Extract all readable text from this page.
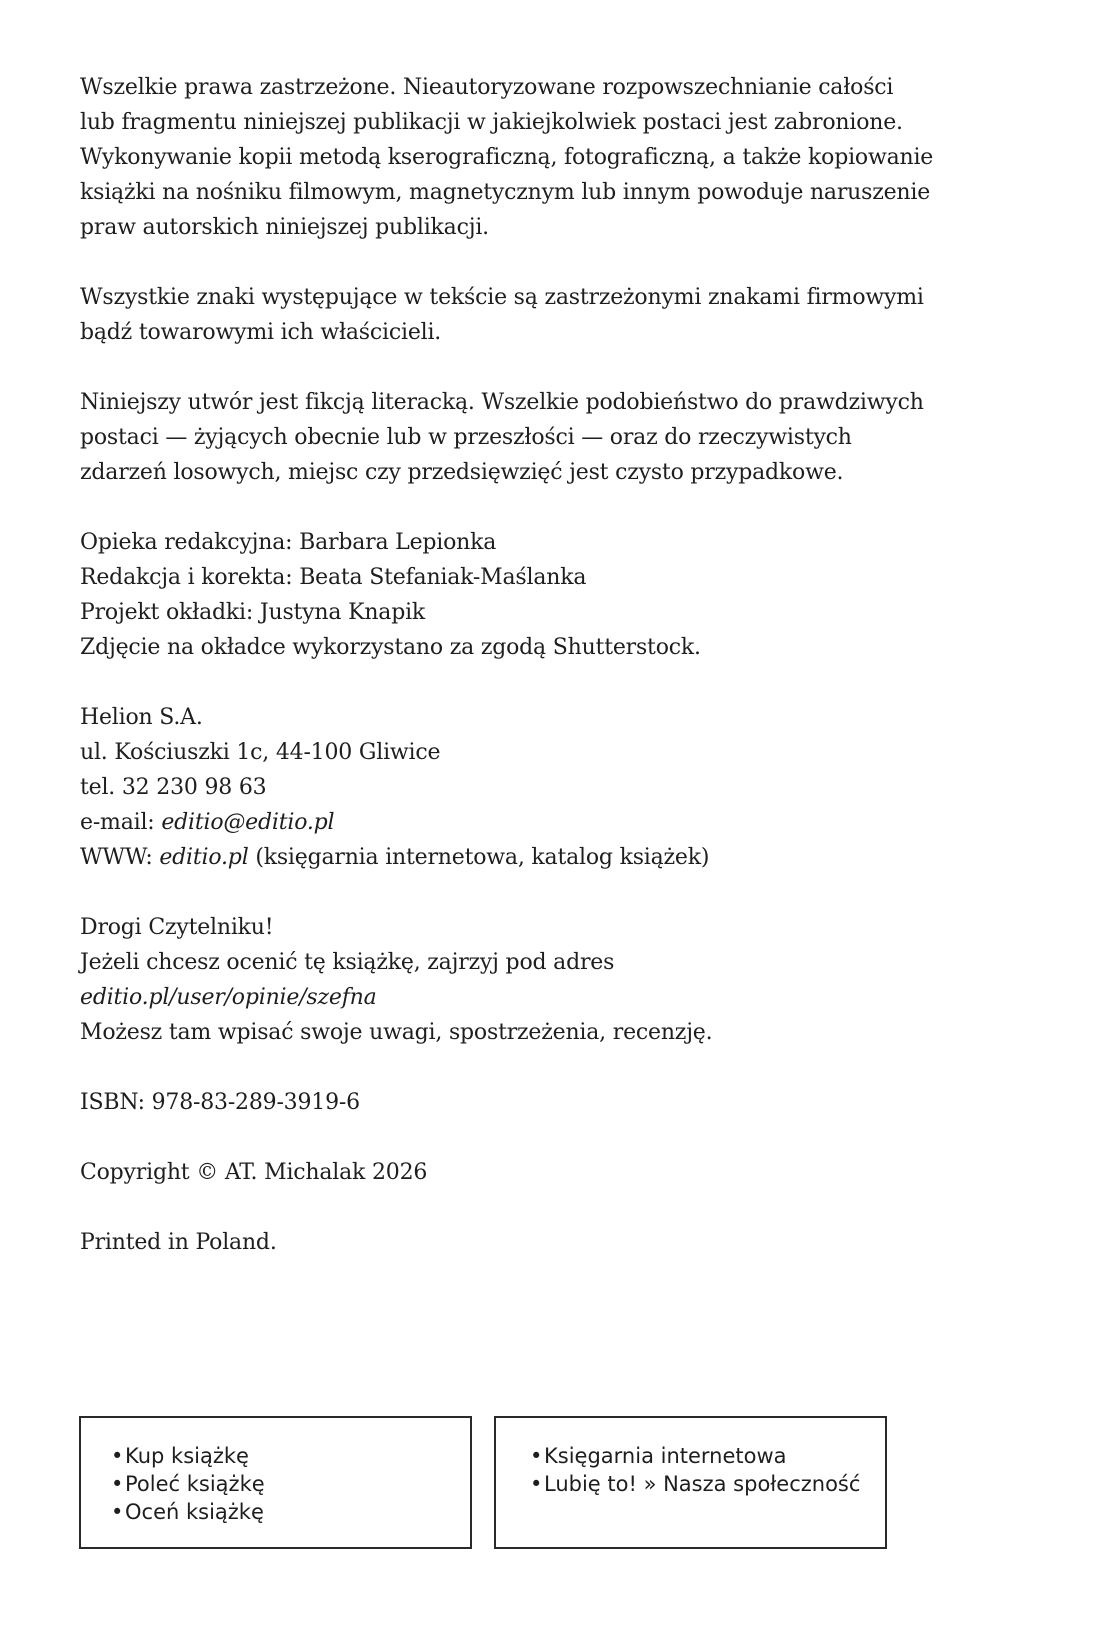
Wszelkie prawa zastrzeżone. Nieautoryzowane rozpowszechnianie całości
lub fragmentu niniejszej publikacji w jakiejkolwiek postaci jest zabronione.
Wykonywanie kopii metodą kserograficzną, fotograficzną, a także kopiowanie
książki na nośniku filmowym, magnetycznym lub innym powoduje naruszenie
praw autorskich niniejszej publikacji.

Wszystkie znaki występujące w tekście są zastrzeżonymi znakami firmowymi
bądź towarowymi ich właścicieli.

Niniejszy utwór jest fikcją literacką. Wszelkie podobieństwo do prawdziwych
postaci — żyjących obecnie lub w przeszłości — oraz do rzeczywistych
zdarzeń losowych, miejsc czy przedsięwzięć jest czysto przypadkowe.

Opieka redakcyjna: Barbara Lepionka
Redakcja i korekta: Beata Stefaniak-Maślanka
Projekt okładki: Justyna Knapik
Zdjęcie na okładce wykorzystano za zgodą Shutterstock.

Helion S.A.
ul. Kościuszki 1c, 44-100 Gliwice
tel. 32 230 98 63
e-mail: editio@editio.pl
WWW: editio.pl (księgarnia internetowa, katalog książek)

Drogi Czytelniku!
Jeżeli chcesz ocenić tę książkę, zajrzyj pod adres
editio.pl/user/opinie/szefna
Możesz tam wpisać swoje uwagi, spostrzeżenia, recenzję.

ISBN: 978-83-289-3919-6

Copyright © AT. Michalak 2026

Printed in Poland.

•Kup książkę
•Poleć książkę
•Oceń książkę
•Księgarnia internetowa
•Lubię to! » Nasza społeczność
